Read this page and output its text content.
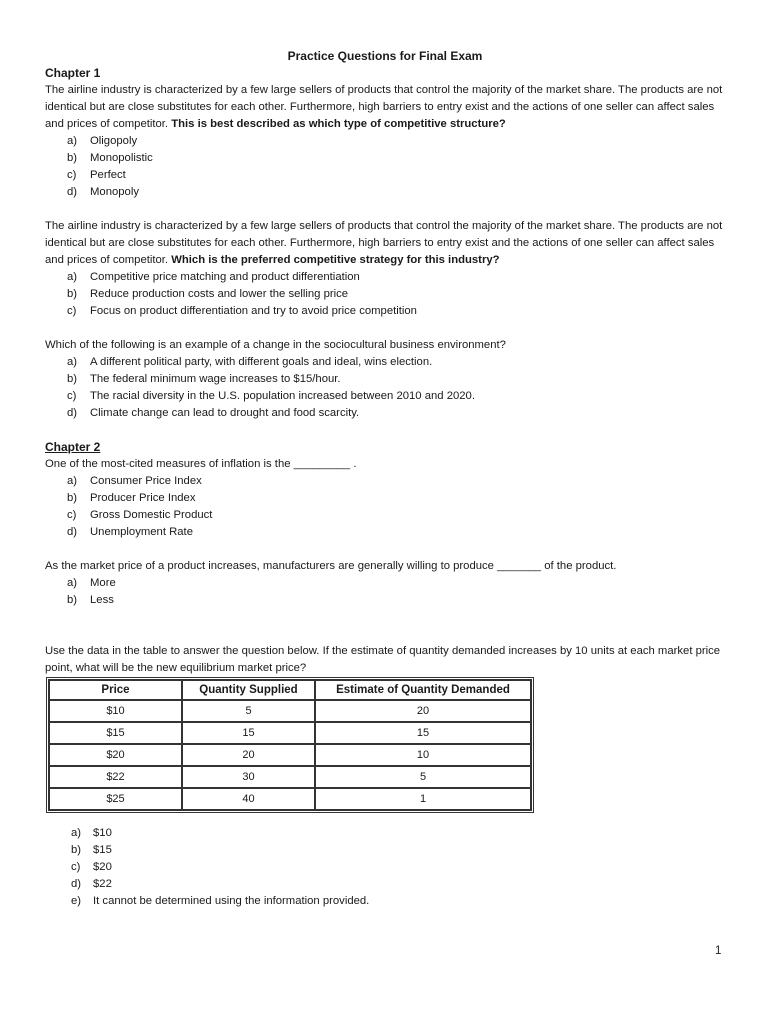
Practice Questions for Final Exam

Chapter 1

The airline industry is characterized by a few large sellers of products that control the majority of the market share. The products are not identical but are close substitutes for each other. Furthermore, high barriers to entry exist and the actions of one seller can affect sales and prices of competitor. This is best described as which type of competitive structure?

a) Oligopoly
b) Monopolistic
c) Perfect
d) Monopoly

The airline industry is characterized by a few large sellers of products that control the majority of the market share. The products are not identical but are close substitutes for each other. Furthermore, high barriers to entry exist and the actions of one seller can affect sales and prices of competitor. Which is the preferred competitive strategy for this industry?

a) Competitive price matching and product differentiation
b) Reduce production costs and lower the selling price
c) Focus on product differentiation and try to avoid price competition

Which of the following is an example of a change in the sociocultural business environment?

a) A different political party, with different goals and ideal, wins election.
b) The federal minimum wage increases to $15/hour.
c) The racial diversity in the U.S. population increased between 2010 and 2020.
d) Climate change can lead to drought and food scarcity.

Chapter 2

One of the most-cited measures of inflation is the _________ .

a) Consumer Price Index
b) Producer Price Index
c) Gross Domestic Product
d) Unemployment Rate

As the market price of a product increases, manufacturers are generally willing to produce _______ of the product.

a) More
b) Less

Use the data in the table to answer the question below. If the estimate of quantity demanded increases by 10 units at each market price point, what will be the new equilibrium market price?

Price	Quantity Supplied	Estimate of Quantity Demanded
$10	5	20
$15	15	15
$20	20	10
$22	30	5
$25	40	1
a) $10
b) $15
c) $20
d) $22
e) It cannot be determined using the information provided.
1
